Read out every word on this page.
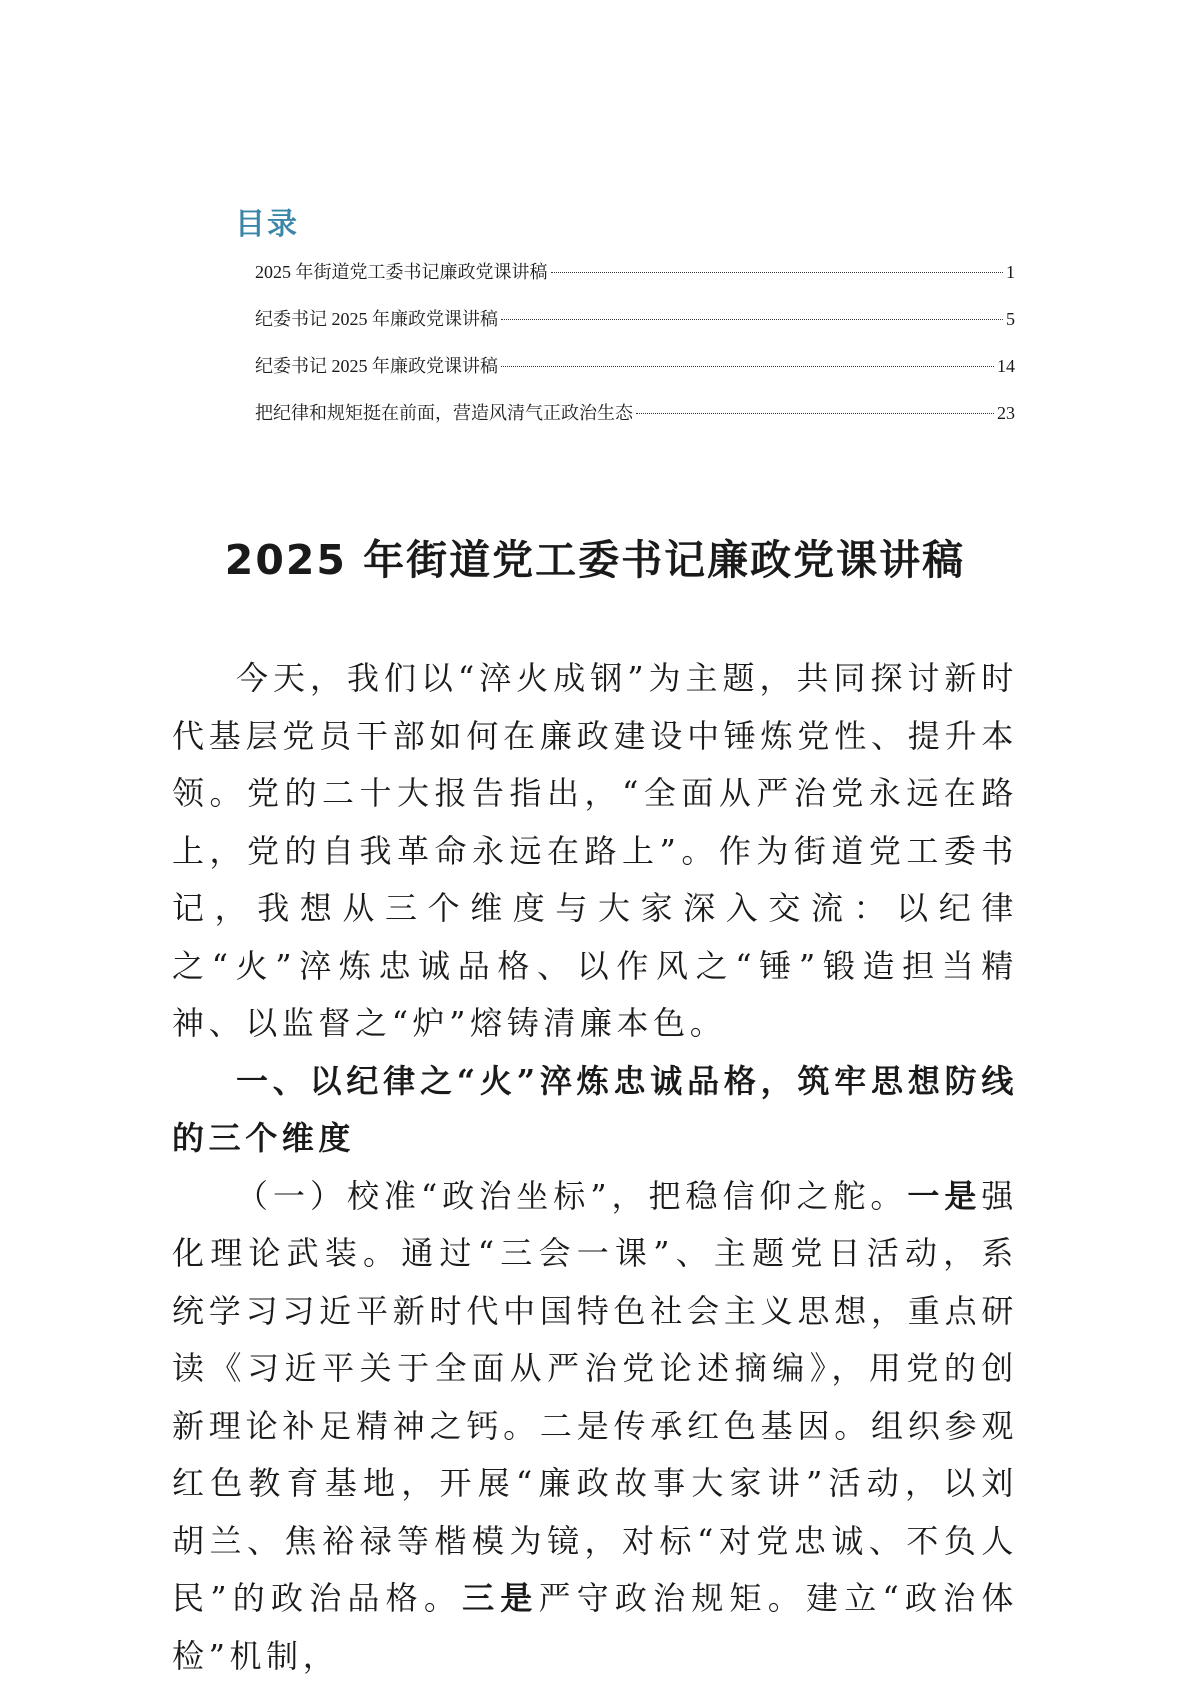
目录
2025 年街道党工委书记廉政党课讲稿	1
纪委书记 2025 年廉政党课讲稿	5
纪委书记 2025 年廉政党课讲稿	14
把纪律和规矩挺在前面，营造风清气正政治生态	23
2025 年街道党工委书记廉政党课讲稿

今天，我们以“淬火成钢”为主题，共同探讨新时代基层党员干部如何在廉政建设中锤炼党性、提升本领。党的二十大报告指出，“全面从严治党永远在路上，党的自我革命永远在路上”。作为街道党工委书记，我想从三个维度与大家深入交流：以纪律之“火”淬炼忠诚品格、以作风之“锤”锻造担当精神、以监督之“炉”熔铸清廉本色。

一、以纪律之“火”淬炼忠诚品格，筑牢思想防线的三个维度

（一）校准“政治坐标”，把稳信仰之舵。一是强化理论武装。通过“三会一课”、主题党日活动，系统学习习近平新时代中国特色社会主义思想，重点研读《习近平关于全面从严治党论述摘编》，用党的创新理论补足精神之钙。二是传承红色基因。组织参观红色教育基地，开展“廉政故事大家讲”活动，以刘胡兰、焦裕禄等楷模为镜，对标“对党忠诚、不负人民”的政治品格。三是严守政治规矩。建立“政治体检”机制，
